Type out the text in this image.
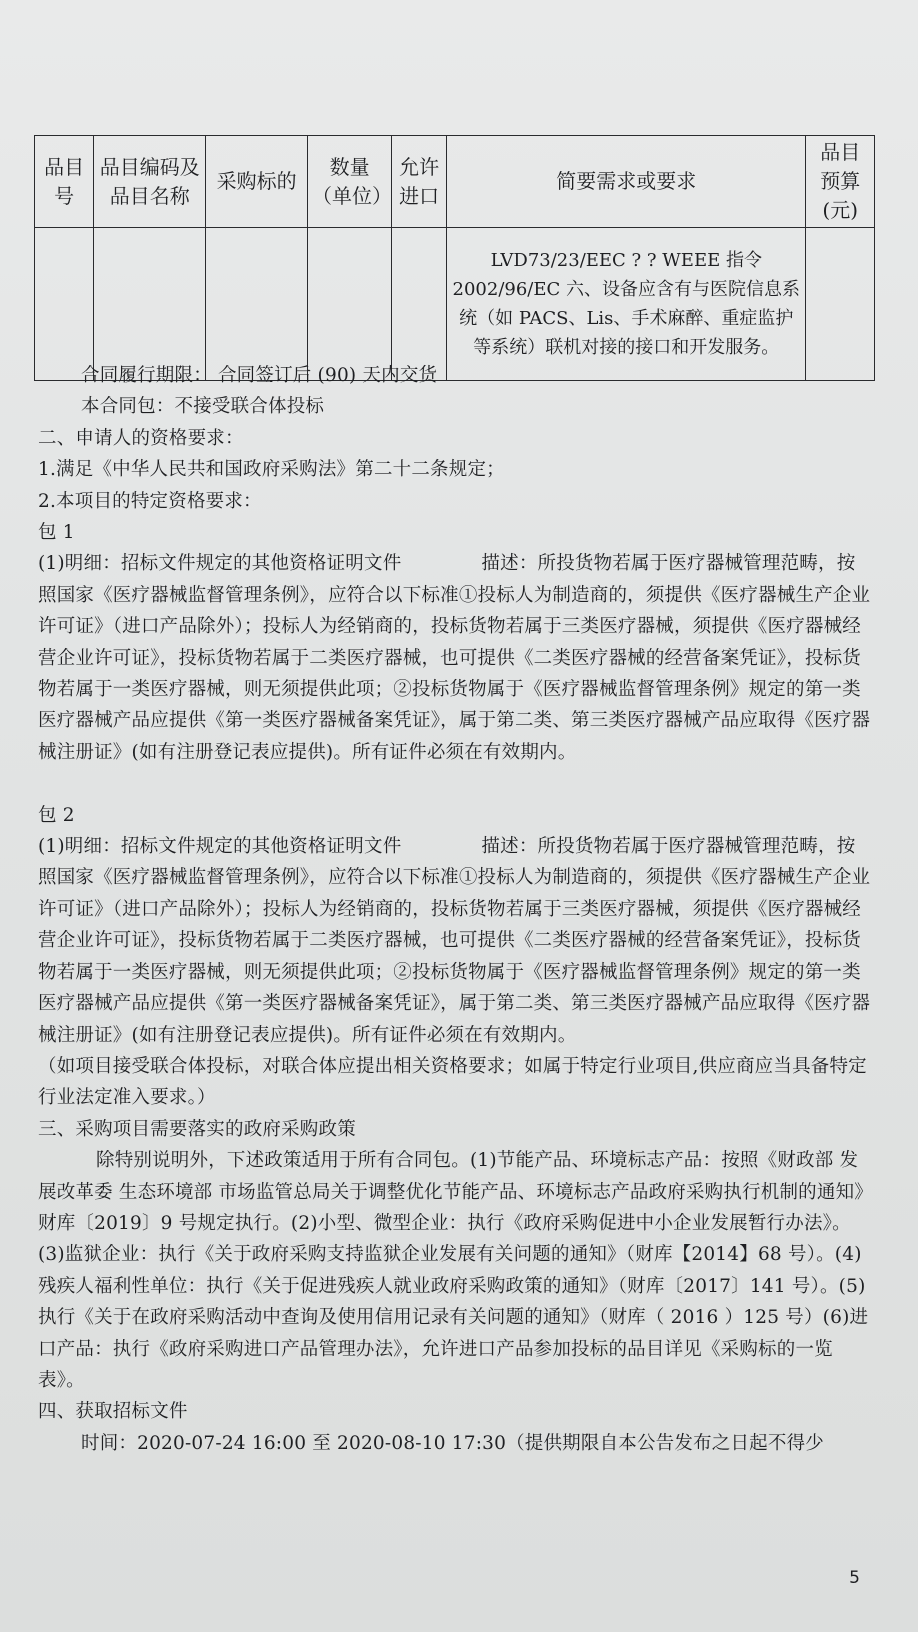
品目号	品目编码及品目名称	采购标的	数量（单位）	允许进口	简要需求或要求	品目预算(元)
					LVD73/23/EEC ? ? WEEE 指令 2002/96/EC 六、设备应含有与医院信息系统（如 PACS、Lis、手术麻醉、重症监护等系统）联机对接的接口和开发服务。	

合同履行期限： 合同签订后 (90) 天内交货

本合同包：不接受联合体投标

二、申请人的资格要求：

1.满足《中华人民共和国政府采购法》第二十二条规定；

2.本项目的特定资格要求：

包 1

(1)明细：招标文件规定的其他资格证明文件	描述：所投货物若属于医疗器械管理范畴，按照国家《医疗器械监督管理条例》，应符合以下标准①投标人为制造商的，须提供《医疗器械生产企业许可证》（进口产品除外）；投标人为经销商的，投标货物若属于三类医疗器械，须提供《医疗器械经营企业许可证》，投标货物若属于二类医疗器械，也可提供《二类医疗器械的经营备案凭证》，投标货物若属于一类医疗器械，则无须提供此项；②投标货物属于《医疗器械监督管理条例》规定的第一类医疗器械产品应提供《第一类医疗器械备案凭证》，属于第二类、第三类医疗器械产品应取得《医疗器械注册证》(如有注册登记表应提供)。所有证件必须在有效期内。

包 2

(1)明细：招标文件规定的其他资格证明文件	描述：所投货物若属于医疗器械管理范畴，按照国家《医疗器械监督管理条例》，应符合以下标准①投标人为制造商的，须提供《医疗器械生产企业许可证》（进口产品除外）；投标人为经销商的，投标货物若属于三类医疗器械，须提供《医疗器械经营企业许可证》，投标货物若属于二类医疗器械，也可提供《二类医疗器械的经营备案凭证》，投标货物若属于一类医疗器械，则无须提供此项；②投标货物属于《医疗器械监督管理条例》规定的第一类医疗器械产品应提供《第一类医疗器械备案凭证》，属于第二类、第三类医疗器械产品应取得《医疗器械注册证》(如有注册登记表应提供)。所有证件必须在有效期内。

（如项目接受联合体投标，对联合体应提出相关资格要求；如属于特定行业项目,供应商应当具备特定行业法定准入要求。）

三、采购项目需要落实的政府采购政策

除特别说明外，下述政策适用于所有合同包。(1)节能产品、环境标志产品：按照《财政部 发展改革委 生态环境部 市场监管总局关于调整优化节能产品、环境标志产品政府采购执行机制的通知》财库〔2019〕9 号规定执行。(2)小型、微型企业：执行《政府采购促进中小企业发展暂行办法》。(3)监狱企业：执行《关于政府采购支持监狱企业发展有关问题的通知》（财库【2014】68 号）。(4)残疾人福利性单位：执行《关于促进残疾人就业政府采购政策的通知》（财库〔2017〕141 号）。(5)执行《关于在政府采购活动中查询及使用信用记录有关问题的通知》（财库（ 2016 ）125 号）(6)进口产品：执行《政府采购进口产品管理办法》，允许进口产品参加投标的品目详见《采购标的一览表》。

四、获取招标文件

时间：2020-07-24 16:00 至 2020-08-10 17:30（提供期限自本公告发布之日起不得少

5
